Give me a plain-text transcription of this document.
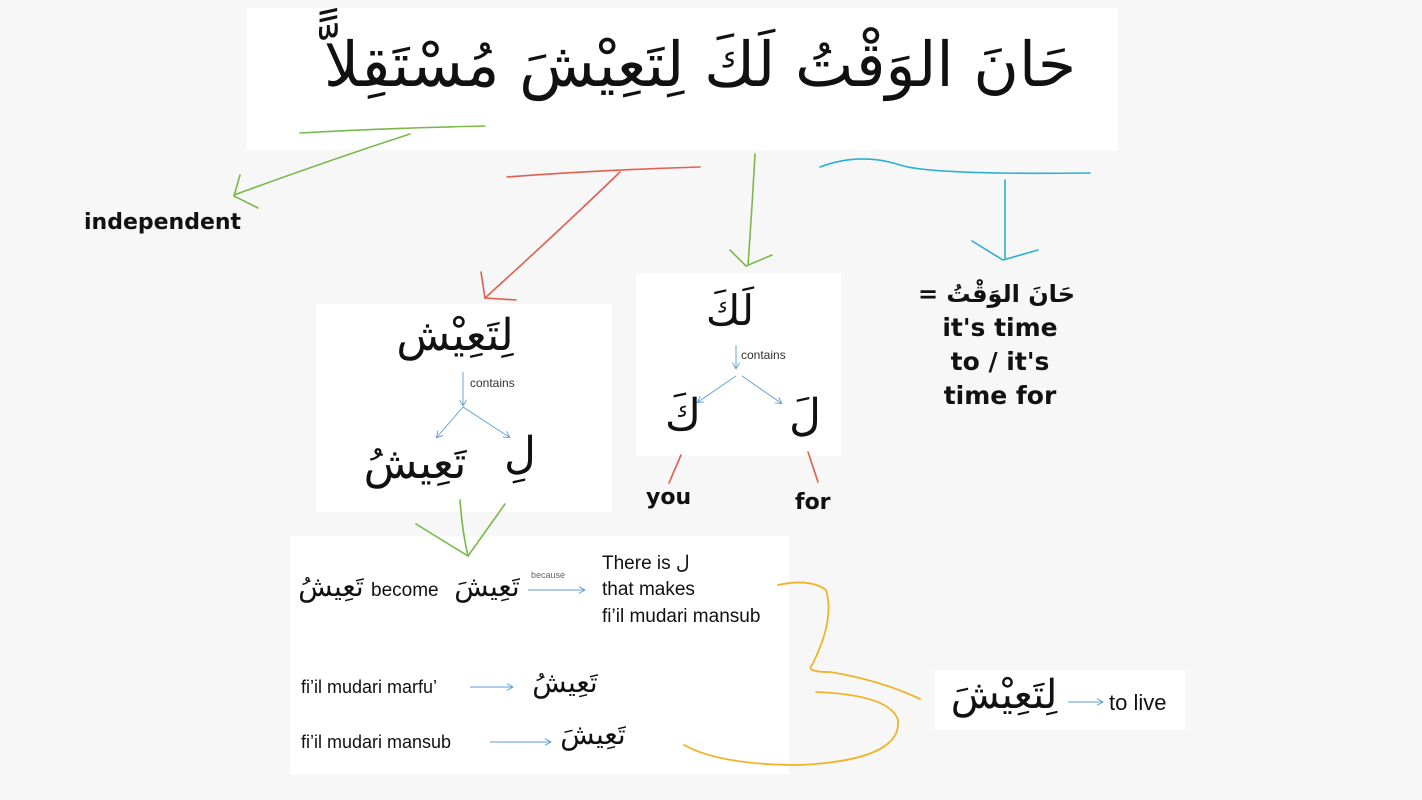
حَانَ الوَقْتُ لَكَ لِتَعِيْشَ مُسْتَقِلاًّ
independent
حَانَ الوَقْتُ =
it's time
to / it's
time for
you	for
لِتَعِيْش
contains
لِ
تَعِيشُ
لَكَ
contains
كَ لَ
تَعِيشُ become تَعِيشَ because
There is ل
that makes
fi’il mudari mansub
fi’il mudari marfu’	تَعِيشُ
fi’il mudari mansub	تَعِيشَ
لِتَعِيْشَ	to live
